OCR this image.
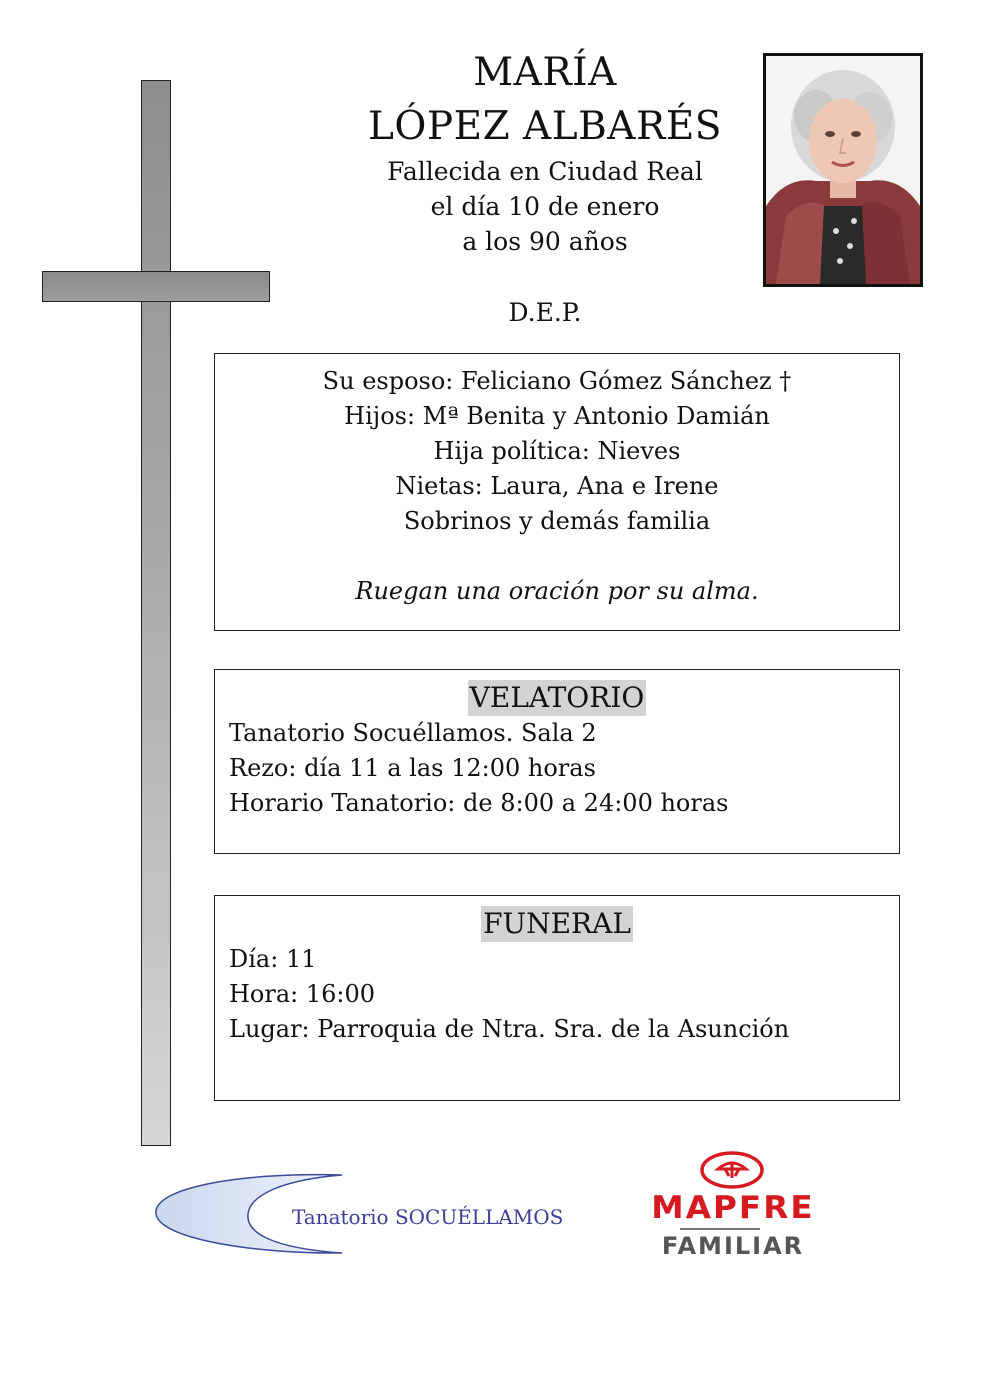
MARÍA
LÓPEZ ALBARÉS
Fallecida en Ciudad Real
el día 10 de enero
a los 90 años
D.E.P.

Su esposo: Feliciano Gómez Sánchez †

Hijos: Mª Benita y Antonio Damián

Hija política: Nieves

Nietas: Laura, Ana e Irene

Sobrinos y demás familia

Ruegan una oración por su alma.

VELATORIO
Tanatorio Socuéllamos. Sala 2
Rezo: día 11 a las 12:00 horas
Horario Tanatorio: de 8:00 a 24:00 horas
FUNERAL
Día: 11
Hora: 16:00
Lugar: Parroquia de Ntra. Sra. de la Asunción
Tanatorio SOCUÉLLAMOS	MAPFRE
FAMILIAR
